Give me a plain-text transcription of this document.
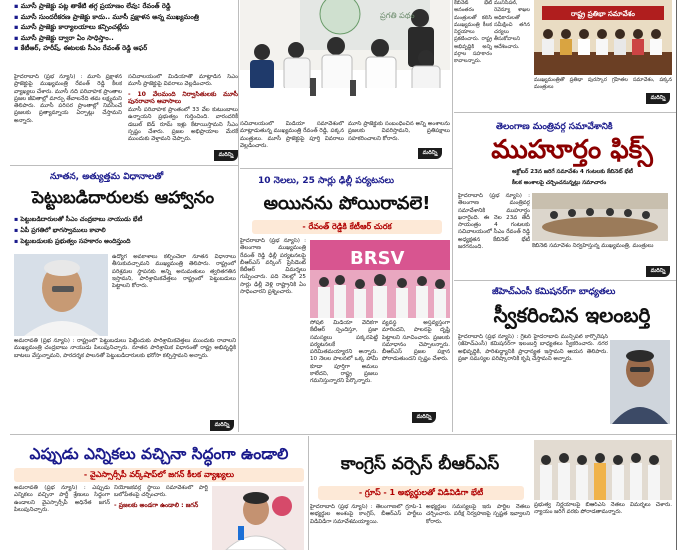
▪ మూసీ ప్రాజెక్టు పట్ల తాకేటి తగ్గ ప్రయాణం లేవు: రేవంత్ రెడ్డి
▪ మూసీ సుందరీకరణ ప్రాజెక్టు కాదు.. మూసీ ప్రక్షాళన అన్న ముఖ్యమంత్రి
▪ మూసీ ప్రాజెక్టు కార్యాలయాలు కన్పించట్లేదు
▪ మూసీ ప్రాజెక్టు ద్వారా ఏం సాధిస్తాం..
▪ కేటీఆర్, హరీష్, ఈటలకు సీఎం రేవంత్ రెడ్డి ఆఫర్
హైదరాబాద్ (ప్రభ న్యూస్) : మూసీ ప్రక్షాళన ప్రాజెక్టుపై ముఖ్యమంత్రి రేవంత్ రెడ్డి కీలక వ్యాఖ్యలు చేశారు. మూసీ నది పరివాహక ప్రాంతాల ప్రజల జీవితాల్లో మార్పు తేవాలనేది తమ లక్ష్యమని తెలిపారు. మూసీ పరిసర ప్రాంతాల్లో నివసించే ప్రజలకు ప్రత్యామ్నాయ ఏర్పాట్లు చేస్తామని అన్నారు.

సచివాలయంలో మీడియాతో మాట్లాడిన సీఎం మూసీ ప్రాజెక్టుపై వివరాలు వెల్లడించారు.

- 10 వేలమంది నిర్వాసితులకు మూసీ పునరావాస ఆవాసాలు

మూసీ పరివాహక ప్రాంతంలో 33 వేల కుటుంబాలు ఉన్నాయని ప్రభుత్వం గుర్తించింది. వారందరికీ డబుల్ బెడ్ రూమ్ ఇళ్లు కేటాయిస్తామని సీఎం స్పష్టం చేశారు. ప్రజల అభిప్రాయాల మేరకే ముందుకు వెళ్తామని చెప్పారు.

మరిన్ని
ప్రగతి పథం
సచివాలయంలో మీడియా సమావేశంలో మాట్లాడుతున్న ముఖ్యమంత్రి రేవంత్ రెడ్డి, పక్కన మంత్రులు. మూసీ ప్రాజెక్టుపై పూర్తి వివరాలు వెల్లడించారు.
మూసీ ప్రాజెక్టుకు సంబంధించిన అన్ని అంశాలను ప్రజలకు వివరిస్తామని, ప్రతిపక్షాలు సహకరించాలని కోరారు.
మరిన్ని
కేబినెట్ భేటీ అనంతరం మంత్రులతో కలిసి ముఖ్యమంత్రి కీలక నిర్ణయాలు ప్రకటించారు. రాష్ట్ర అభివృద్ధికి అన్ని వర్గాల సహకారం కావాలన్నారు.
మునిసిపల్, రెవెన్యూ శాఖల అధికారులతో సమీక్షించి తగిన చర్యలు తీసుకోవాలని ఆదేశించారు.
రాష్ట్ర ప్రతిభా సమావేశం
ముఖ్యమంత్రితో ప్రతిభా పురస్కార గ్రహీతల సమావేశం, పక్కన మంత్రులు
మరిన్ని
తెలంగాణ మంత్రివర్గ సమావేశానికి
ముహూర్తం ఫిక్స్
అక్టోబర్ 23న జరిగే సమావేశం 4 గంటలకు కేబినెట్ భేటీ
కీలక అంశాలపై చర్చించనున్నట్లు సమాచారం
హైదరాబాద్ (ప్రభ న్యూస్) : తెలంగాణ మంత్రివర్గ సమావేశానికి ముహూర్తం ఖరారైంది. ఈ నెల 23వ తేదీ సాయంత్రం 4 గంటలకు సచివాలయంలో సీఎం రేవంత్ రెడ్డి అధ్యక్షతన కేబినెట్ భేటీ జరగనుంది.	కేబినెట్ సమావేశం నిర్వహిస్తున్న ముఖ్యమంత్రి, మంత్రులు
మరిన్ని
నూతన, అత్యుత్తమ విధానాలతో
పెట్టుబడిదారులకు ఆహ్వానం
▪ పెట్టుబడిదారులతో సీఎం చంద్రబాబు నాయుడు భేటీ
▪ ఏపీ ప్రగతిలో భాగస్వాములు కావాలి
▪ పెట్టుబడులకు ప్రభుత్వం సహకారం అందిస్తుంది
ఉద్యోగ అవకాశాలు కల్పించేలా నూతన విధానాలు తీసుకువచ్చామని ముఖ్యమంత్రి తెలిపారు. రాష్ట్రంలో పరిశ్రమల స్థాపనకు అన్ని అనుమతులు త్వరితగతిన ఇస్తామని, పారిశ్రామికవేత్తలు రాష్ట్రంలో పెట్టుబడులు పెట్టాలని కోరారు.
అమరావతి (ప్రభ న్యూస్) : రాష్ట్రంలో పెట్టుబడులు పెట్టేందుకు పారిశ్రామికవేత్తలు ముందుకు రావాలని ముఖ్యమంత్రి చంద్రబాబు నాయుడు పిలుపునిచ్చారు. నూతన పారిశ్రామిక విధానంతో రాష్ట్ర అభివృద్ధికి బాటలు వేస్తున్నామని, పారదర్శక పాలనతో పెట్టుబడిదారులకు భరోసా కల్పిస్తామని అన్నారు.
మరిన్ని
10 నెలలు, 25 సార్లు ఢిల్లీ పర్యటనలు
అయినను పోయిరావలె!
- రేవంత్ రెడ్డికి కేటీఆర్ చురక
హైదరాబాద్ (ప్రభ న్యూస్) : తెలంగాణ ముఖ్యమంత్రి రేవంత్ రెడ్డి ఢిల్లీ పర్యటనలపై బీఆర్ఎస్ వర్కింగ్ ప్రెసిడెంట్ కేటీఆర్ విమర్శలు గుప్పించారు. పది నెలల్లో 25 సార్లు ఢిల్లీ వెళ్లి రాష్ట్రానికి ఏం సాధించారని ప్రశ్నించారు.
BRSV
సోషల్ మీడియా వేదికగా కేటీఆర్ స్పందిస్తూ, ప్రజా సమస్యలు పక్కనపెట్టి పర్యటనలకే పరిమితమయ్యారని అన్నారు. 10 నెలల పాలనలో ఒక్క హామీ కూడా పూర్తిగా అమలు కాలేదని, రాష్ట్ర ప్రజలు గమనిస్తున్నారని పేర్కొన్నారు.
వ్యవస్థ అస్తవ్యస్తంగా మారిందని, పాలనపై దృష్టి పెట్టాలని సూచించారు. ప్రజలకు సమాధానం చెప్పాలన్నారు. బీఆర్ఎస్ ప్రజల పక్షాన పోరాడుతుందని స్పష్టం చేశారు.
మరిన్ని
జీహెచ్ఎంసీ కమిషనర్‌గా బాధ్యతలు
స్వీకరించిన ఇలంబర్తి
హైదరాబాద్ (ప్రభ న్యూస్) : గ్రేటర్ హైదరాబాద్ మున్సిపల్ కార్పొరేషన్ (జీహెచ్ఎంసీ) కమిషనర్‌గా ఇలంబర్తి బాధ్యతలు స్వీకరించారు. నగర అభివృద్ధికి, పారిశుద్ధ్యానికి ప్రాధాన్యత ఇస్తామని ఆయన తెలిపారు. ప్రజా సమస్యల పరిష్కారానికి కృషి చేస్తామని అన్నారు.
ఎప్పుడు ఎన్నికలు వచ్చినా సిద్ధంగా ఉండాలి
- వైఎస్సార్సీపీ వర్క్‌షాప్‌లో జగన్ కీలక వ్యాఖ్యలు
అమరావతి (ప్రభ న్యూస్) : ఎప్పుడు ఎన్నికలు వచ్చినా పార్టీ శ్రేణులు సిద్ధంగా ఉండాలని వైఎస్సార్సీపీ అధినేత జగన్ పిలుపునిచ్చారు.

నియోజకవర్గ స్థాయి సమావేశంలో పార్టీ బలోపేతంపై చర్చించారు.

- ప్రజలకు అండగా ఉండాలి : జగన్

కాంగ్రెస్ వర్సెస్ బీఆర్ఎస్
- గ్రూప్ - 1 అభ్యర్థులతో విడివిడిగా భేటీ
హైదరాబాద్ (ప్రభ న్యూస్) : తెలంగాణలో గ్రూప్-1 అభ్యర్థుల అంశంపై కాంగ్రెస్, బీఆర్ఎస్ పార్టీలు విడివిడిగా సమావేశమయ్యాయి.
అభ్యర్థుల సమస్యలపై ఇరు పార్టీల నేతలు చర్చించారు. పరీక్ష నిర్వహణపై స్పష్టత ఇవ్వాలని కోరారు.
ప్రభుత్వ నిర్ణయాలపై బీఆర్ఎస్ నేతలు విమర్శలు చేశారు. న్యాయం జరిగే వరకు పోరాడతామన్నారు.
